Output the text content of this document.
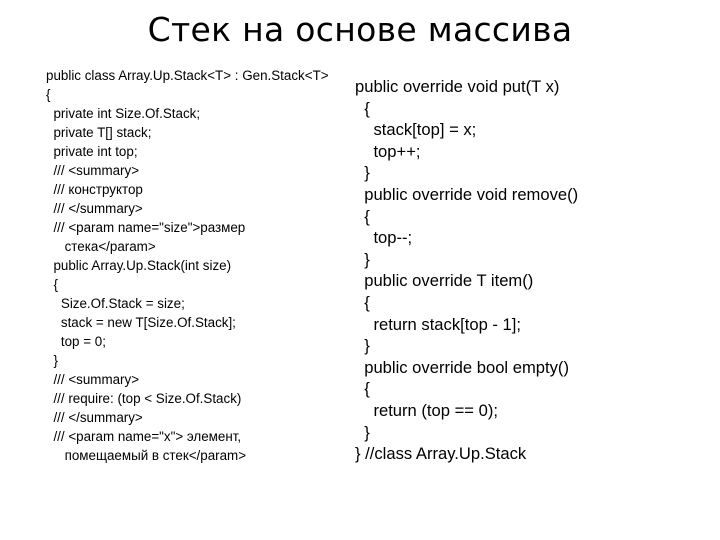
Стек на основе массива
public class Array.Up.Stack<T> : Gen.Stack<T>
{
private int Size.Of.Stack;
private T[] stack;
private int top;
/// <summary>
/// конструктор
/// </summary>
/// <param name="size">размер
стека</param>
public Array.Up.Stack(int size)
{
Size.Of.Stack = size;
stack = new T[Size.Of.Stack];
top = 0;
}
/// <summary>
/// require: (top < Size.Of.Stack)
/// </summary>
/// <param name="x"> элемент,
помещаемый в стек</param>
public override void put(T x)
{
stack[top] = x;
top++;
}
public override void remove()
{
top--;
}
public override T item()
{
return stack[top - 1];
}
public override bool empty()
{
return (top == 0);
}
} //class Array.Up.Stack
